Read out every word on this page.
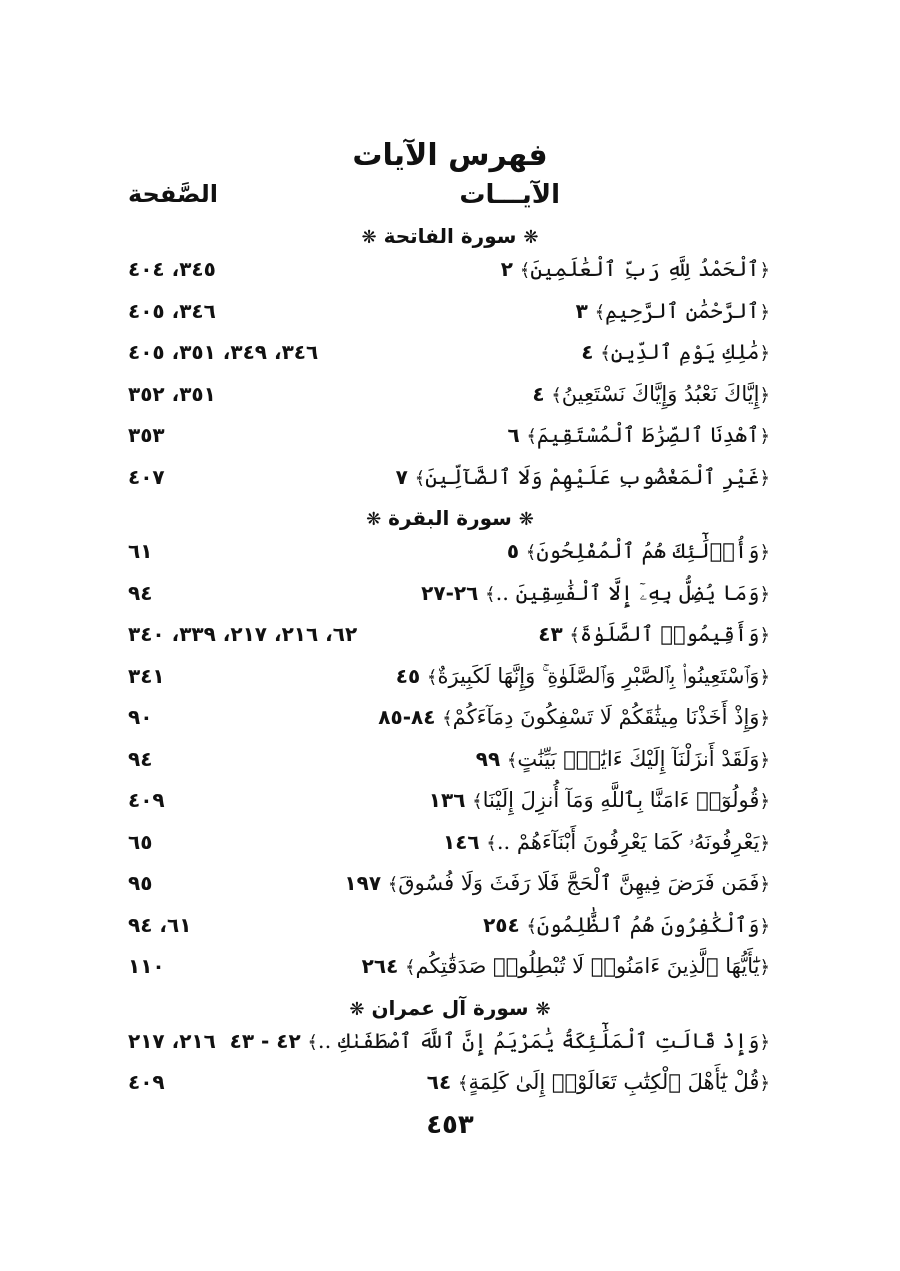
فهرس الآيات
الآيـــات
الصَّفحة
❋ سورة الفاتحة ❋
﴿ٱلْحَمْدُ لِلَّهِ رَبِّ ٱلْعَٰلَمِينَ﴾ ٢
٣٤٥، ٤٠٤
﴿ٱلرَّحْمَٰنِ ٱلرَّحِيمِ﴾ ٣
٣٤٦، ٤٠٥
﴿مَٰلِكِ يَوْمِ ٱلدِّينِ﴾ ٤
٣٤٦، ٣٤٩، ٣٥١، ٤٠٥
﴿إِيَّاكَ نَعْبُدُ وَإِيَّاكَ نَسْتَعِينُ﴾ ٤
٣٥١، ٣٥٢
﴿ٱهْدِنَا ٱلصِّرَٰطَ ٱلْمُسْتَقِيمَ﴾ ٦
٣٥٣
﴿غَيْرِ ٱلْمَغْضُوبِ عَلَيْهِمْ وَلَا ٱلضَّآلِّينَ﴾ ٧
٤٠٧
❋ سورة البقرة ❋
﴿وَأُو۟لَٰٓئِكَ هُمُ ٱلْمُفْلِحُونَ﴾ ٥
٦١
﴿وَمَا يُضِلُّ بِهِۦٓ إِلَّا ٱلْفَٰسِقِينَ ..﴾ ٢٦-٢٧
٩٤
﴿وَأَقِيمُوا۟ ٱلصَّلَوٰةَ﴾ ٤٣
٦٢، ٢١٦، ٢١٧، ٣٣٩، ٣٤٠
﴿وَٱسْتَعِينُوا۟ بِٱلصَّبْرِ وَٱلصَّلَوٰةِ ۚ وَإِنَّهَا لَكَبِيرَةٌ﴾ ٤٥
٣٤١
﴿وَإِذْ أَخَذْنَا مِيثَٰقَكُمْ لَا تَسْفِكُونَ دِمَآءَكُمْ﴾ ٨٤-٨٥
٩٠
﴿وَلَقَدْ أَنزَلْنَآ إِلَيْكَ ءَايَٰتٍۭ بَيِّنَٰتٍ﴾ ٩٩
٩٤
﴿قُولُوٓا۟ ءَامَنَّا بِٱللَّهِ وَمَآ أُنزِلَ إِلَيْنَا﴾ ١٣٦
٤٠٩
﴿يَعْرِفُونَهُۥ كَمَا يَعْرِفُونَ أَبْنَآءَهُمْ ..﴾ ١٤٦
٦٥
﴿فَمَن فَرَضَ فِيهِنَّ ٱلْحَجَّ فَلَا رَفَثَ وَلَا فُسُوقَ﴾ ١٩٧
٩٥
﴿وَٱلْكَٰفِرُونَ هُمُ ٱلظَّٰلِمُونَ﴾ ٢٥٤
٦١، ٩٤
﴿يَٰٓأَيُّهَا ٱلَّذِينَ ءَامَنُوا۟ لَا تُبْطِلُوا۟ صَدَقَٰتِكُم﴾ ٢٦٤
١١٠
❋ سورة آل عمران ❋
﴿وَإِذْ قَالَتِ ٱلْمَلَٰٓئِكَةُ يَٰمَرْيَمُ إِنَّ ٱللَّهَ ٱصْطَفَىٰكِ ..﴾ ٤٢ - ٤٣
٢١٦، ٢١٧
﴿قُلْ يَٰٓأَهْلَ ٱلْكِتَٰبِ تَعَالَوْا۟ إِلَىٰ كَلِمَةٍ﴾ ٦٤
٤٠٩
٤٥٣
